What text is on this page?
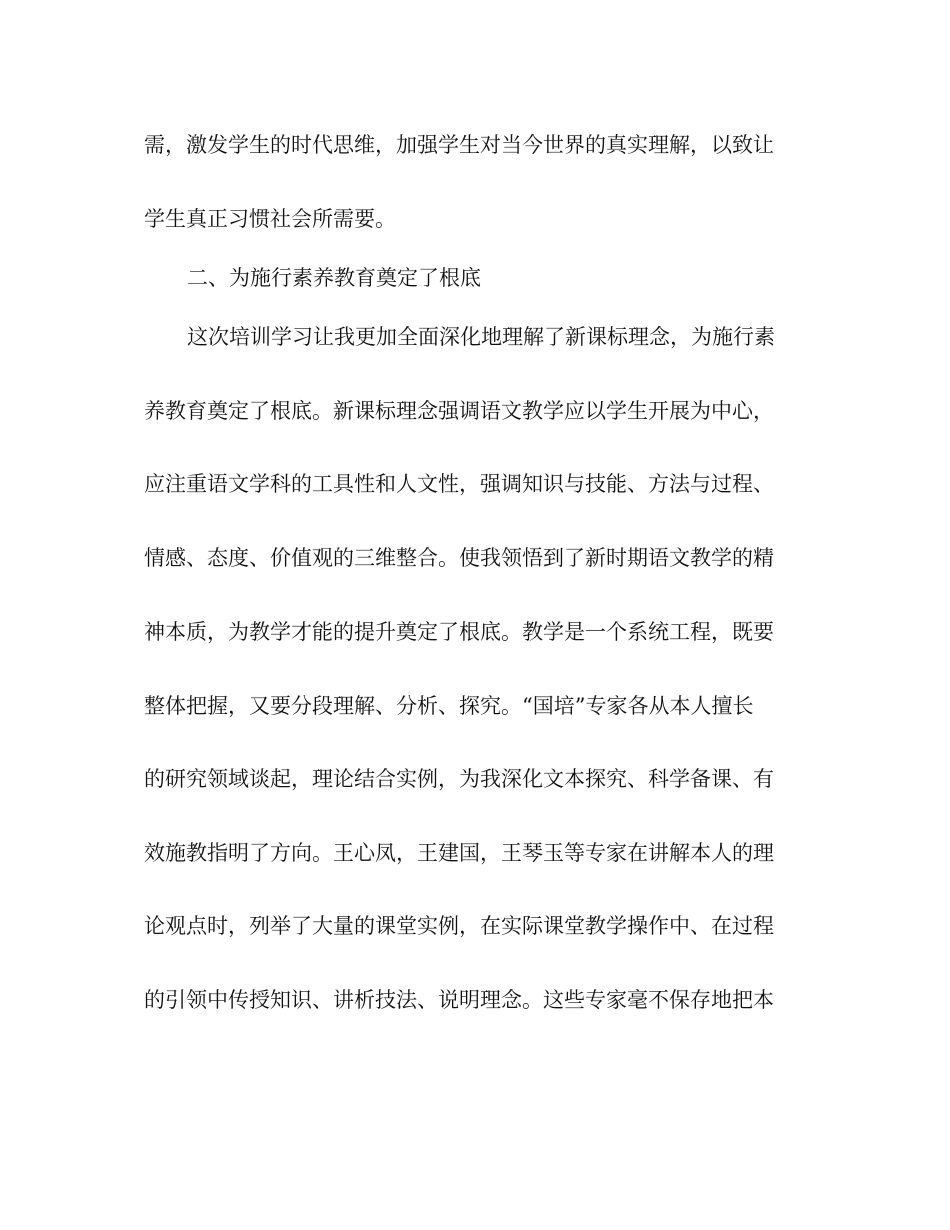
需，激发学生的时代思维，加强学生对当今世界的真实理解，以致让
学生真正习惯社会所需要。
二、为施行素养教育奠定了根底
这次培训学习让我更加全面深化地理解了新课标理念，为施行素
养教育奠定了根底。新课标理念强调语文教学应以学生开展为中心，
应注重语文学科的工具性和人文性，强调知识与技能、方法与过程、
情感、态度、价值观的三维整合。使我领悟到了新时期语文教学的精
神本质，为教学才能的提升奠定了根底。教学是一个系统工程，既要
整体把握，又要分段理解、分析、探究。“国培”专家各从本人擅长
的研究领域谈起，理论结合实例，为我深化文本探究、科学备课、有
效施教指明了方向。王心凤，王建国，王琴玉等专家在讲解本人的理
论观点时，列举了大量的课堂实例，在实际课堂教学操作中、在过程
的引领中传授知识、讲析技法、说明理念。这些专家毫不保存地把本
